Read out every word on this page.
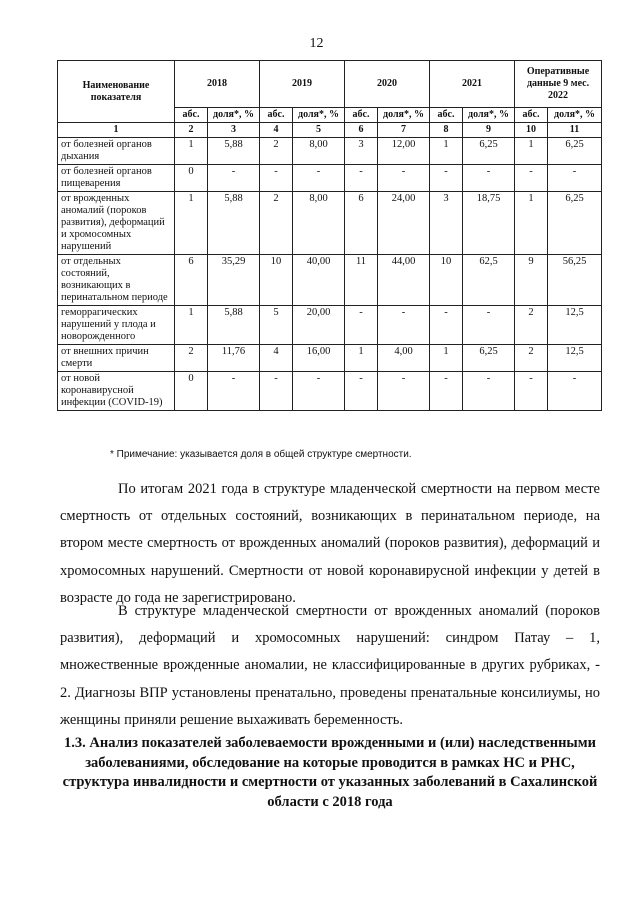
12
Наименование показателя	2018		2019		2020		2021		Оперативные данные 9 мес. 2022	
	абс.	доля*, %	абс.	доля*, %	абс.	доля*, %	абс.	доля*, %	абс.	доля*, %
1	2	3	4	5	6	7	8	9	10	11
от болезней органов дыхания	1	5,88	2	8,00	3	12,00	1	6,25	1	6,25
от болезней органов пищеварения	0	-	-	-	-	-	-	-	-	-
от врожденных аномалий (пороков развития), деформаций и хромосомных нарушений	1	5,88	2	8,00	6	24,00	3	18,75	1	6,25
от отдельных состояний, возникающих в перинатальном периоде	6	35,29	10	40,00	11	44,00	10	62,5	9	56,25
геморрагических нарушений у плода и новорожденного	1	5,88	5	20,00	-	-	-	-	2	12,5
от внешних причин смерти	2	11,76	4	16,00	1	4,00	1	6,25	2	12,5
от новой коронавирусной инфекции (COVID-19)	0	-	-	-	-	-	-	-	-	-
* Примечание: указывается доля в общей структуре смертности.

По итогам 2021 года в структуре младенческой смертности на первом месте смертность от отдельных состояний, возникающих в перинатальном периоде, на втором месте смертность от врожденных аномалий (пороков развития), деформаций и хромосомных нарушений. Смертности от новой коронавирусной инфекции у детей в возрасте до года не зарегистрировано.

В структуре младенческой смертности от врожденных аномалий (пороков развития), деформаций и хромосомных нарушений: синдром Патау – 1, множественные врожденные аномалии, не классифицированные в других рубриках, - 2. Диагнозы ВПР установлены пренатально, проведены пренатальные консилиумы, но женщины приняли решение выхаживать беременность.

1.3. Анализ показателей заболеваемости врожденными и (или) наследственными заболеваниями, обследование на которые проводится в рамках НС и РНС, структура инвалидности и смертности от указанных заболеваний в Сахалинской области с 2018 года
